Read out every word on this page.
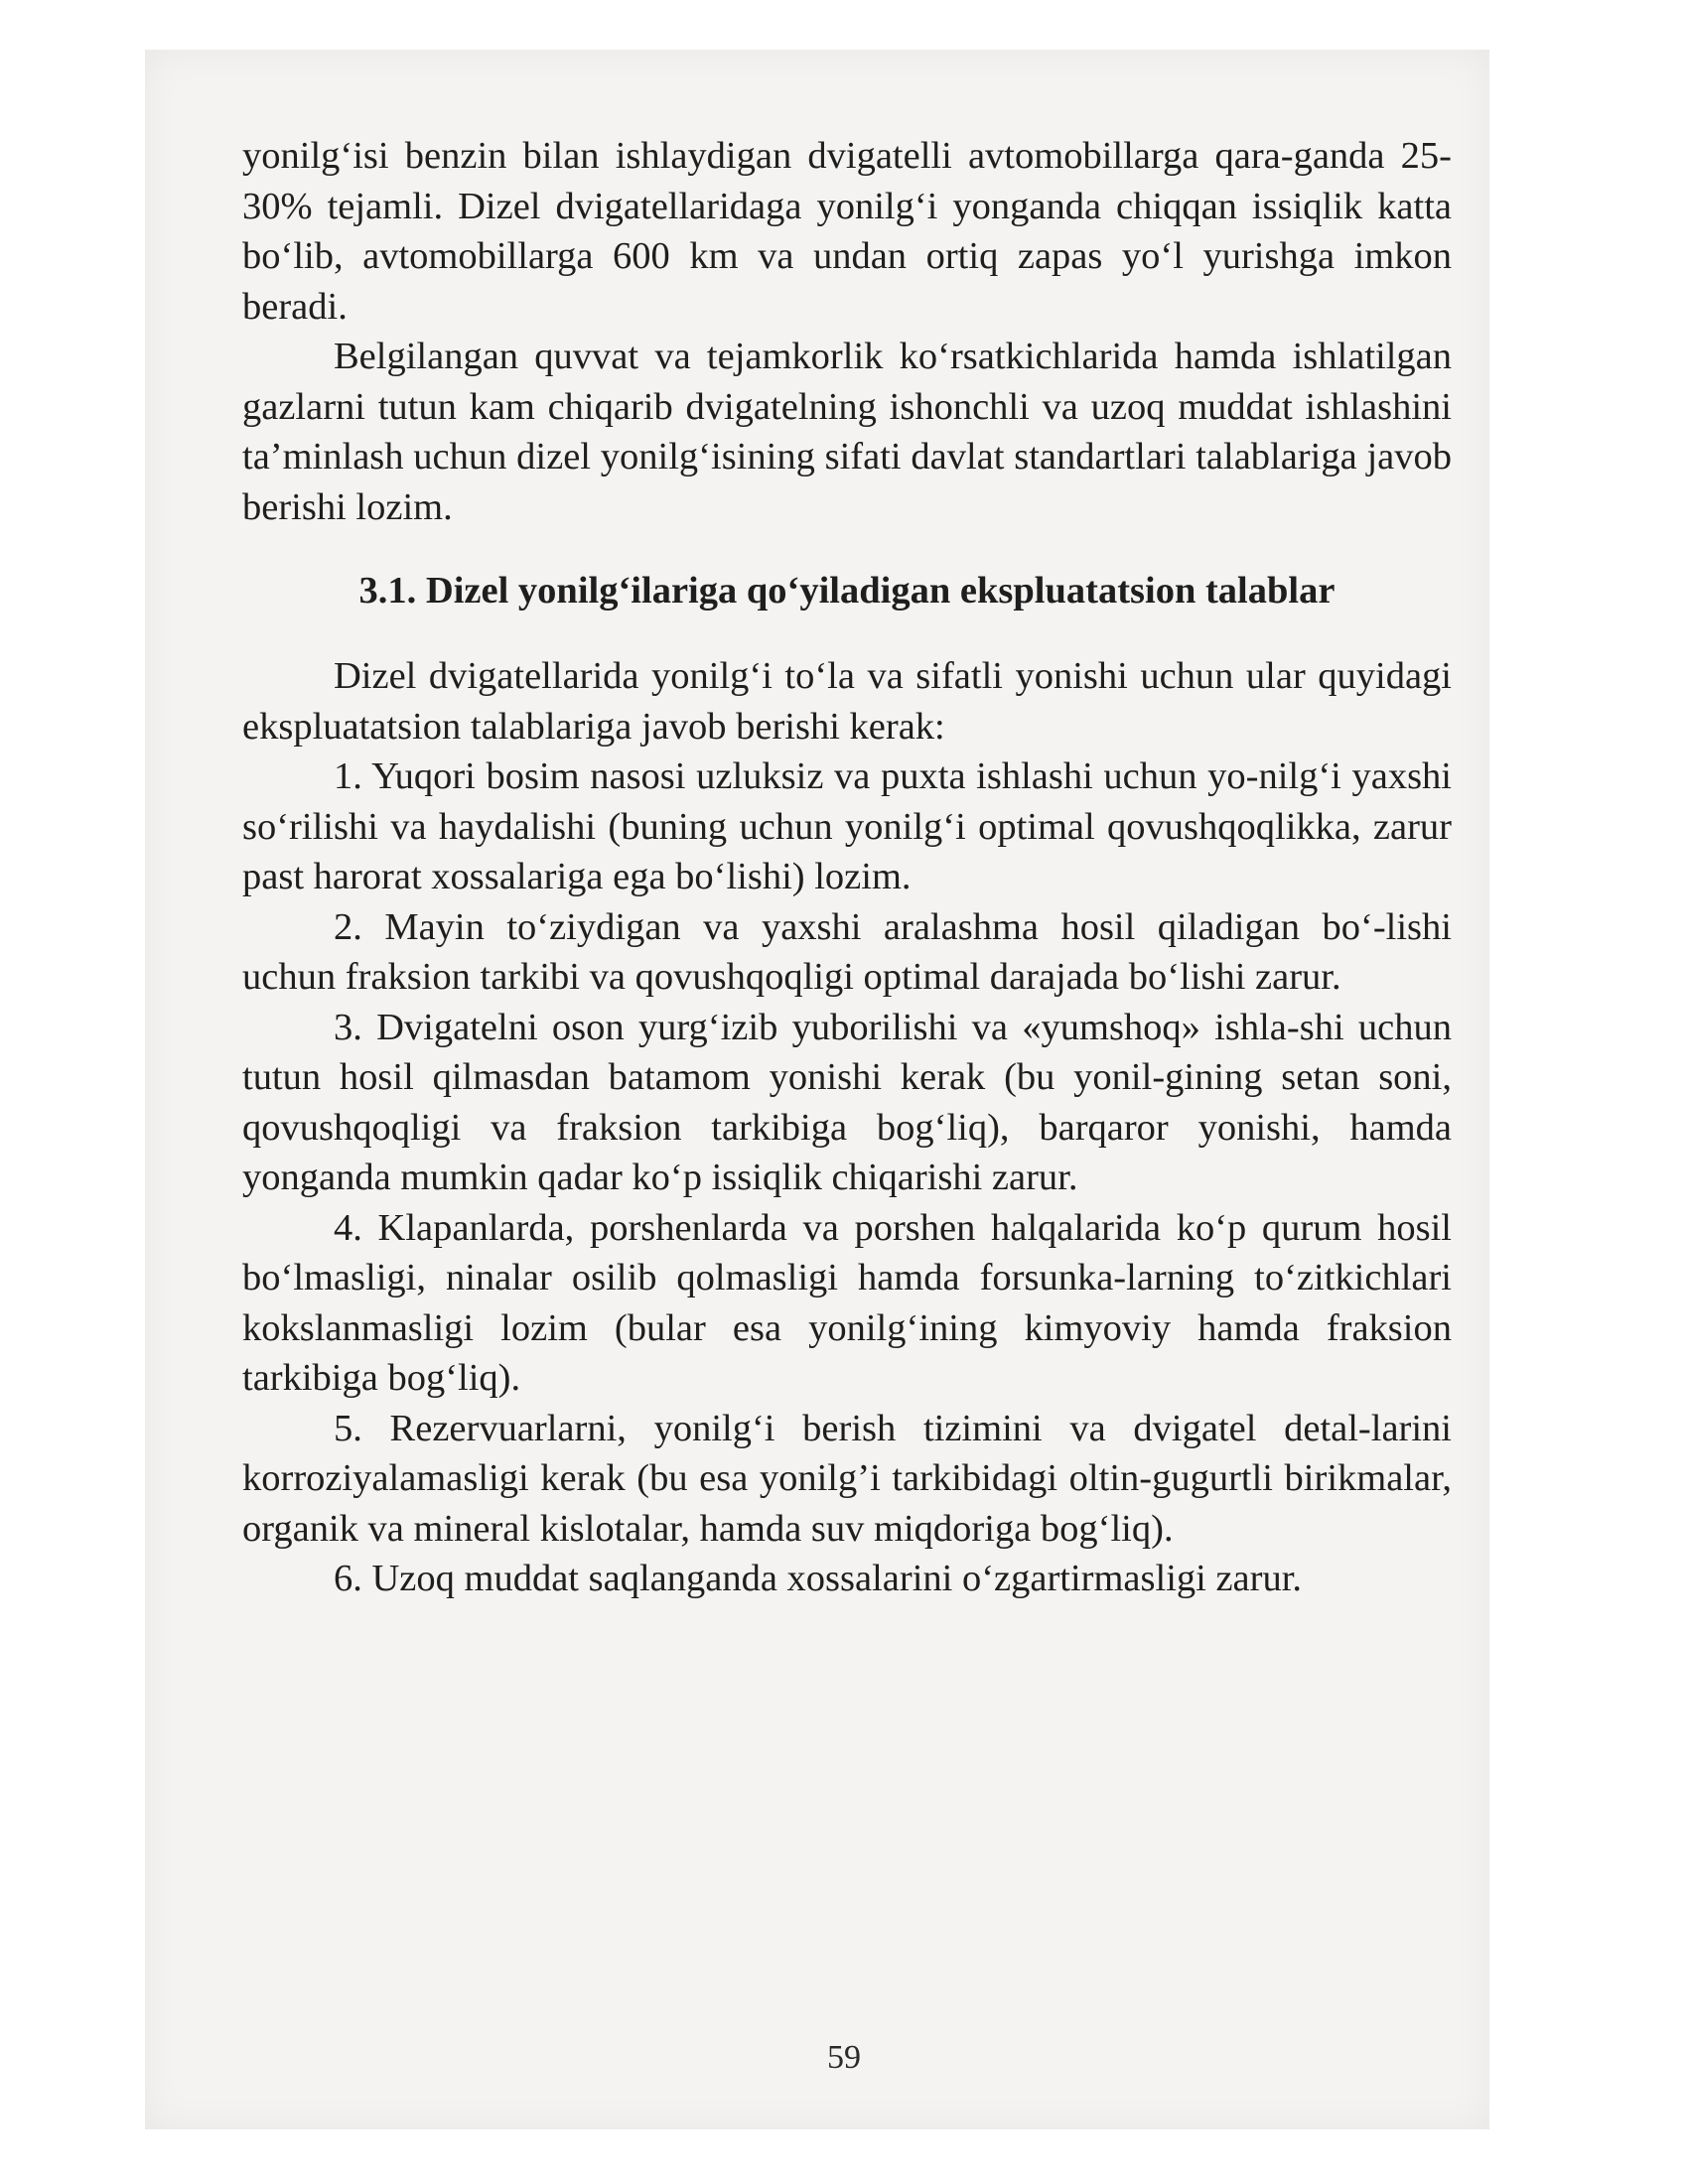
yonilg‘isi benzin bilan ishlaydigan dvigatelli avtomobillarga qara-ganda 25-30% tejamli. Dizel dvigatellaridaga yonilg‘i yonganda chiqqan issiqlik katta bo‘lib, avtomobillarga 600 km va undan ortiq zapas yo‘l yurishga imkon beradi.

Belgilangan quvvat va tejamkorlik ko‘rsatkichlarida hamda ishlatilgan gazlarni tutun kam chiqarib dvigatelning ishonchli va uzoq muddat ishlashini ta’minlash uchun dizel yonilg‘isining sifati davlat standartlari talablariga javob berishi lozim.

3.1. Dizel yonilg‘ilariga qo‘yiladigan ekspluatatsion talablar

Dizel dvigatellarida yonilg‘i to‘la va sifatli yonishi uchun ular quyidagi ekspluatatsion talablariga javob berishi kerak:

1. Yuqori bosim nasosi uzluksiz va puxta ishlashi uchun yo-nilg‘i yaxshi so‘rilishi va haydalishi (buning uchun yonilg‘i optimal qovushqoqlikka, zarur past harorat xossalariga ega bo‘lishi) lozim.

2. Mayin to‘ziydigan va yaxshi aralashma hosil qiladigan bo‘-lishi uchun fraksion tarkibi va qovushqoqligi optimal darajada bo‘lishi zarur.

3. Dvigatelni oson yurg‘izib yuborilishi va «yumshoq» ishla-shi uchun tutun hosil qilmasdan batamom yonishi kerak (bu yonil-gining setan soni, qovushqoqligi va fraksion tarkibiga bog‘liq), barqaror yonishi, hamda yonganda mumkin qadar ko‘p issiqlik chiqarishi zarur.

4. Klapanlarda, porshenlarda va porshen halqalarida ko‘p qurum hosil bo‘lmasligi, ninalar osilib qolmasligi hamda forsunka-larning to‘zitkichlari kokslanmasligi lozim (bular esa yonilg‘ining kimyoviy hamda fraksion tarkibiga bog‘liq).

5. Rezervuarlarni, yonilg‘i berish tizimini va dvigatel detal-larini korroziyalamasligi kerak (bu esa yonilg’i tarkibidagi oltin-gugurtli birikmalar, organik va mineral kislotalar, hamda suv miqdoriga bog‘liq).

6. Uzoq muddat saqlanganda xossalarini o‘zgartirmasligi zarur.

59
